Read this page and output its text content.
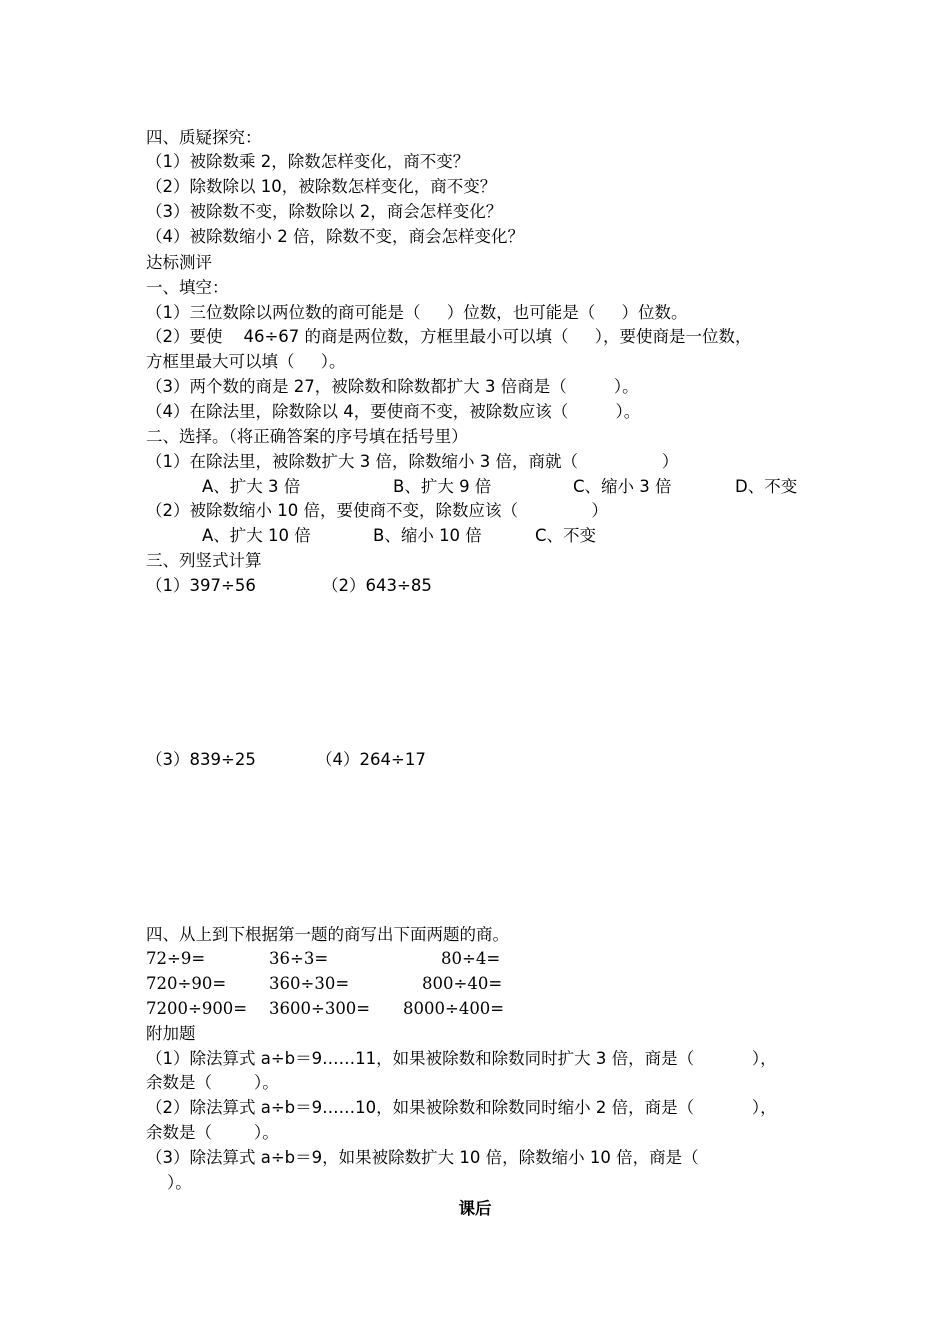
四、质疑探究：
（1）被除数乘 2，除数怎样变化，商不变？
（2）除数除以 10，被除数怎样变化，商不变？
（3）被除数不变，除数除以 2，商会怎样变化？
（4）被除数缩小 2 倍，除数不变，商会怎样变化？
达标测评
一、填空：
（1）三位数除以两位数的商可能是（     ）位数，也可能是（     ）位数。
（2）要使    46÷67 的商是两位数，方框里最小可以填（     ），要使商是一位数，
方框里最大可以填（     ）。
（3）两个数的商是 27，被除数和除数都扩大 3 倍商是（         ）。
（4）在除法里，除数除以 4，要使商不变，被除数应该（         ）。
二、选择。（将正确答案的序号填在括号里）
（1）在除法里，被除数扩大 3 倍，除数缩小 3 倍，商就（                ）
A、扩大 3 倍	B、扩大 9 倍	C、缩小 3 倍	D、不变
（2）被除数缩小 10 倍，要使商不变，除数应该（              ）
A、扩大 10 倍	B、缩小 10 倍	C、不变
三、列竖式计算
（1）397÷56	（2）643÷85
（3）839÷25	（4）264÷17
四、从上到下根据第一题的商写出下面两题的商。
72÷9=	36÷3=	80÷4=
720÷90=	360÷30=	800÷40=
7200÷900= 3600÷300= 8000÷400=
附加题
（1）除法算式 a÷b＝9……11，如果被除数和除数同时扩大 3 倍，商是（           ），
余数是（        ）。
（2）除法算式 a÷b＝9……10，如果被除数和除数同时缩小 2 倍，商是（           ），
余数是（        ）。
（3）除法算式 a÷b＝9，如果被除数扩大 10 倍，除数缩小 10 倍，商是（
）。
课后
